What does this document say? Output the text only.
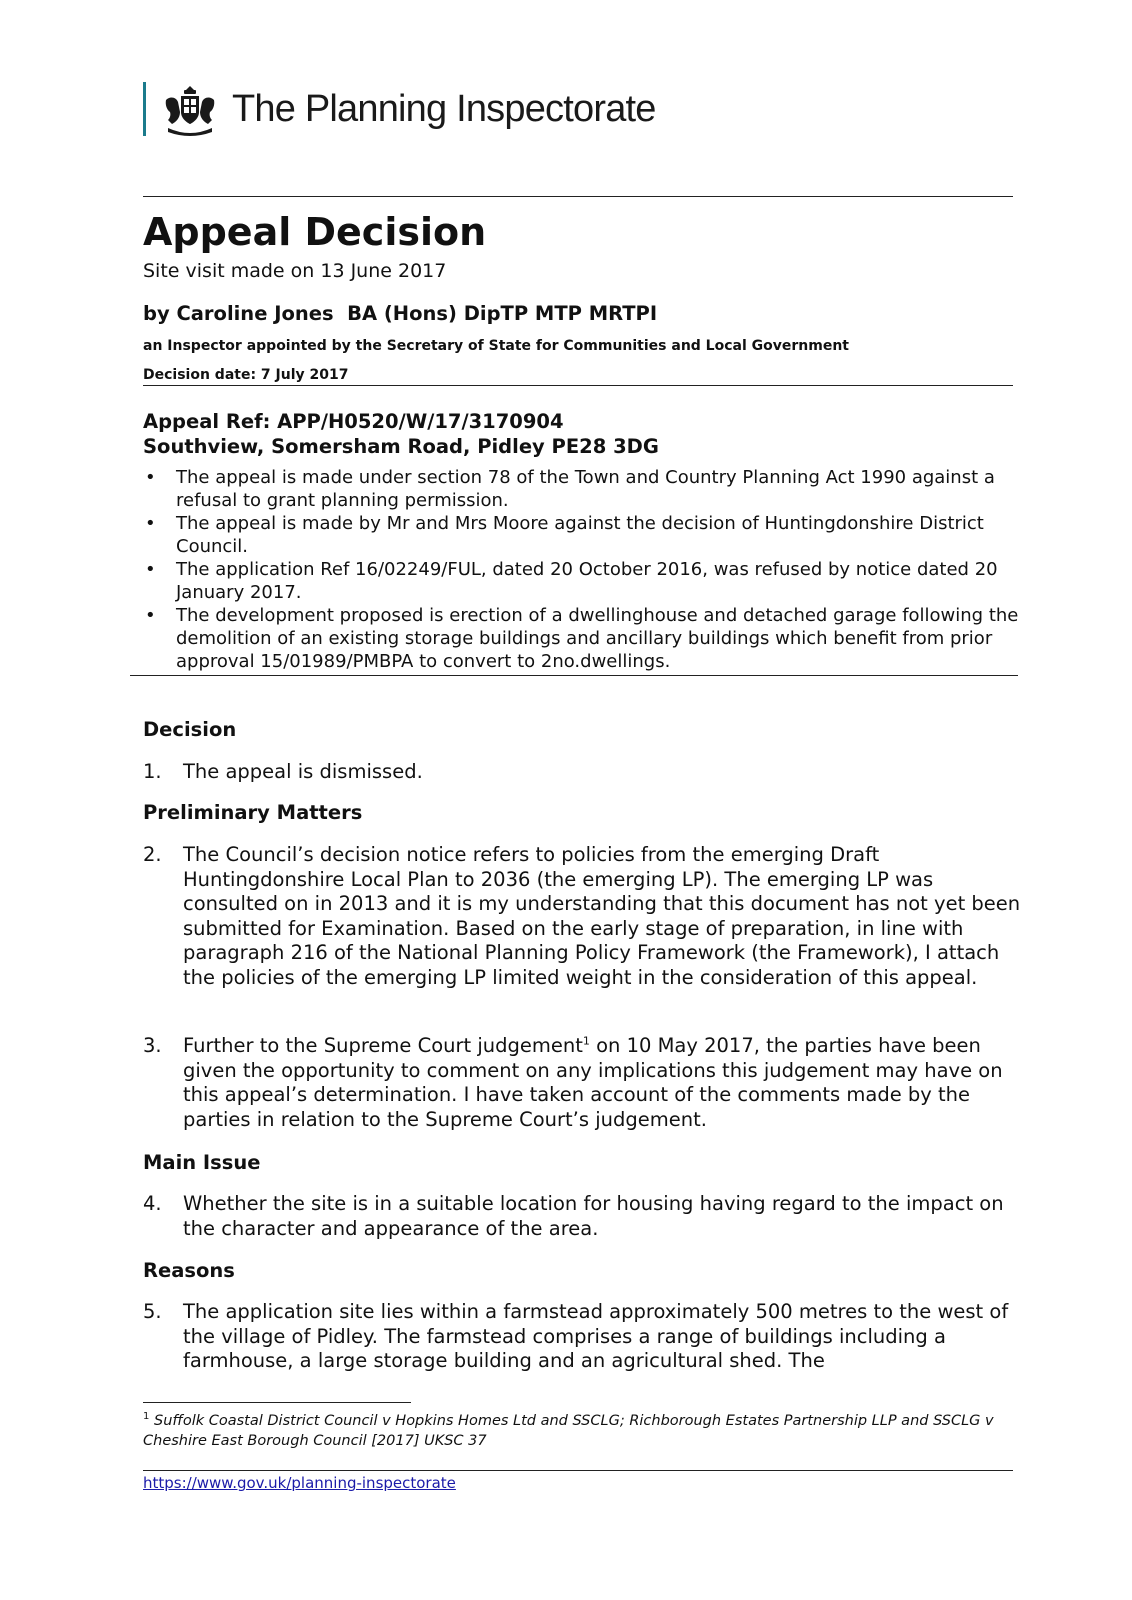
The Planning Inspectorate
Appeal Decision
Site visit made on 13 June 2017
by Caroline Jones  BA (Hons) DipTP MTP MRTPI
an Inspector appointed by the Secretary of State for Communities and Local Government
Decision date: 7 July 2017
Appeal Ref: APP/H0520/W/17/3170904
Southview, Somersham Road, Pidley PE28 3DG
• The appeal is made under section 78 of the Town and Country Planning Act 1990 against a refusal to grant planning permission.
• The appeal is made by Mr and Mrs Moore against the decision of Huntingdonshire District Council.
• The application Ref 16/02249/FUL, dated 20 October 2016, was refused by notice dated 20 January 2017.
• The development proposed is erection of a dwellinghouse and detached garage following the demolition of an existing storage buildings and ancillary buildings which benefit from prior approval 15/01989/PMBPA to convert to 2no.dwellings.
Decision
1. The appeal is dismissed.
Preliminary Matters
2. The Council’s decision notice refers to policies from the emerging Draft Huntingdonshire Local Plan to 2036 (the emerging LP). The emerging LP was consulted on in 2013 and it is my understanding that this document has not yet been submitted for Examination. Based on the early stage of preparation, in line with paragraph 216 of the National Planning Policy Framework (the Framework), I attach the policies of the emerging LP limited weight in the consideration of this appeal.
3. Further to the Supreme Court judgement$^1$ on 10 May 2017, the parties have been given the opportunity to comment on any implications this judgement may have on this appeal’s determination. I have taken account of the comments made by the parties in relation to the Supreme Court’s judgement.
Main Issue
4. Whether the site is in a suitable location for housing having regard to the impact on the character and appearance of the area.
Reasons
5. The application site lies within a farmstead approximately 500 metres to the west of the village of Pidley. The farmstead comprises a range of buildings including a farmhouse, a large storage building and an agricultural shed. The
$^1$ Suffolk Coastal District Council v Hopkins Homes Ltd and SSCLG; Richborough Estates Partnership LLP and SSCLG v Cheshire East Borough Council [2017] UKSC 37
https://www.gov.uk/planning-inspectorate
